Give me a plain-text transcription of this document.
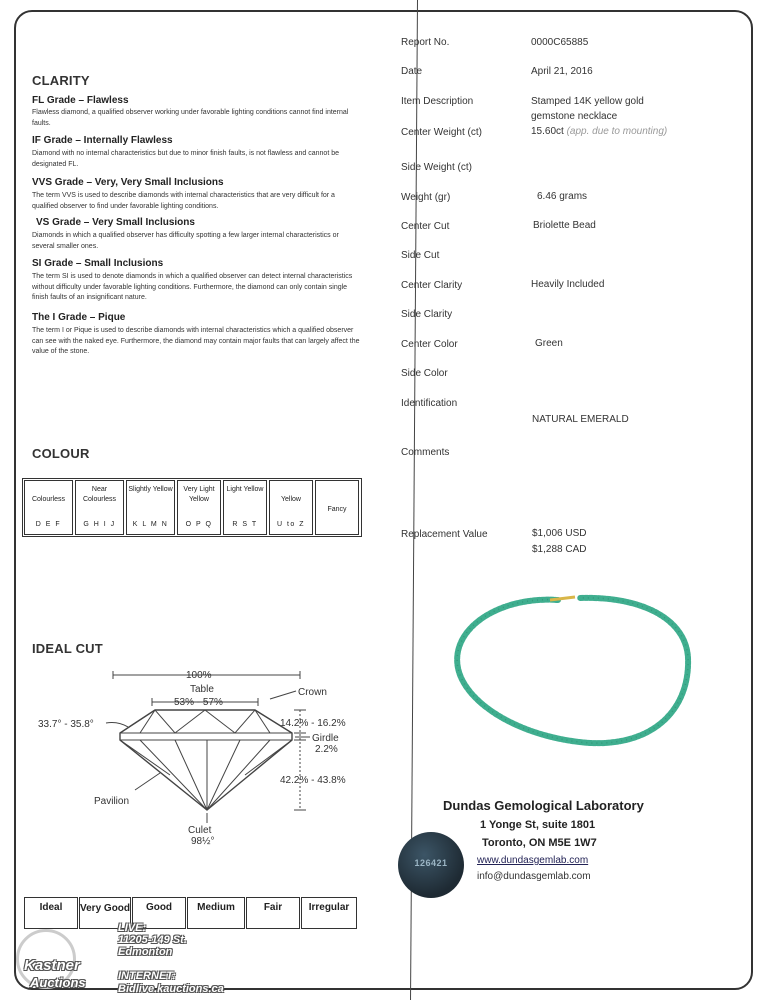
CLARITY
FL Grade – Flawless
Flawless diamond, a qualified observer working under favorable lighting conditions cannot find internal faults.
IF Grade – Internally Flawless
Diamond with no internal characteristics but due to minor finish faults, is not flawless and cannot be designated FL.
VVS Grade – Very, Very Small Inclusions
The term VVS is used to describe diamonds with internal characteristics that are very difficult for a qualified observer to find under favorable lighting conditions.
VS Grade – Very Small Inclusions
Diamonds in which a qualified observer has difficulty spotting a few larger internal characteristics or several smaller ones.
SI Grade – Small Inclusions
The term SI is used to denote diamonds in which a qualified observer can detect internal characteristics without difficulty under favorable lighting conditions. Furthermore, the diamond can only contain single finish faults of an insignificant nature.
The I Grade – Pique
The term I or Pique is used to describe diamonds with internal characteristics which a qualified observer can see with the naked eye. Furthermore, the diamond may contain major faults that can largely affect the value of the stone.
COLOUR
Colourless
D E F
Near Colourless
G H I J
Slightly Yellow
K L M N
Very Light Yellow
O P Q
Light Yellow
R S T
Yellow
U to Z
Fancy
IDEAL CUT
100%
Table
53% - 57%
Crown
33.7° - 35.8°	14.2% - 16.2%
Girdle
2.2%
42.2% - 43.8%
Pavilion
Culet
98½°
Ideal	Very Good	Good	Medium	Fair	Irregular
Report No.	0000C65885
Date	April 21, 2016
Item Description	Stamped 14K yellow gold
gemstone necklace
Center Weight (ct)	15.60ct (app. due to mounting)
Side Weight (ct)
Weight (gr)	6.46 grams
Center Cut	Briolette Bead
Side Cut
Center Clarity	Heavily Included
Side Clarity
Center Color	Green
Side Color
Identification
NATURAL EMERALD
Comments
Replacement Value	$1,006 USD
$1,288 CAD
Dundas Gemological Laboratory
1 Yonge St, suite 1801
Toronto, ON M5E 1W7
www.dundasgemlab.com
info@dundasgemlab.com
126421
Kastner
Auctions
LIVE:
11205-149 St.
Edmonton
INTERNET:
Bidlive.kauctions.ca
